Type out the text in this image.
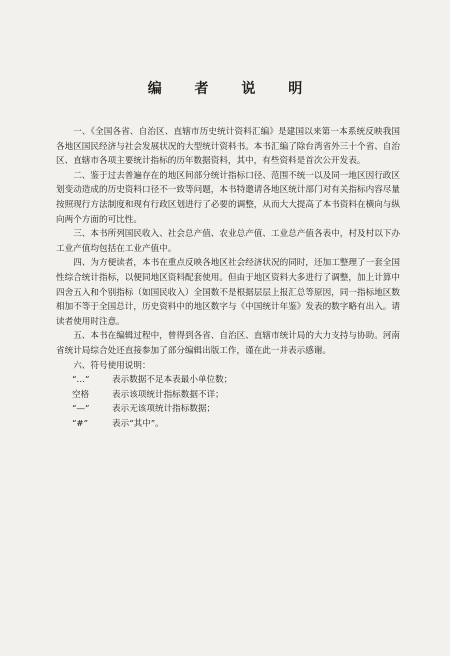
编 者 说 明

一、《全国各省、自治区、直辖市历史统计资料汇编》是建国以来第一本系统反映我国各地区国民经济与社会发展状况的大型统计资料书。本书汇编了除台湾省外三十个省、自治区、直辖市各项主要统计指标的历年数据资料，其中，有些资料是首次公开发表。

二、鉴于过去普遍存在的地区间部分统计指标口径、范围不统一以及同一地区因行政区划变动造成的历史资料口径不一致等问题，本书特邀请各地区统计部门对有关指标内容尽量按照现行方法制度和现有行政区划进行了必要的调整，从而大大提高了本书资料在横向与纵向两个方面的可比性。

三、本书所列国民收入、社会总产值、农业总产值、工业总产值各表中，村及村以下办工业产值均包括在工业产值中。

四、为方便读者，本书在重点反映各地区社会经济状况的同时，还加工整理了一套全国性综合统计指标，以便同地区资料配套使用。但由于地区资料大多进行了调整，加上计算中四舍五入和个别指标（如国民收入）全国数不是根据层层上报汇总等原因，同一指标地区数相加不等于全国总计，历史资料中的地区数字与《中国统计年鉴》发表的数字略有出入。请读者使用时注意。

五、本书在编辑过程中，曾得到各省、自治区、直辖市统计局的大力支持与协助。河南省统计局综合处还直接参加了部分编辑出版工作，谨在此一并表示感谢。

六、符号使用说明：

“…”	表示数据不足本表最小单位数；
空格	表示该项统计指标数据不详；
“—”	表示无该项统计指标数据；
“#”	表示“其中”。
